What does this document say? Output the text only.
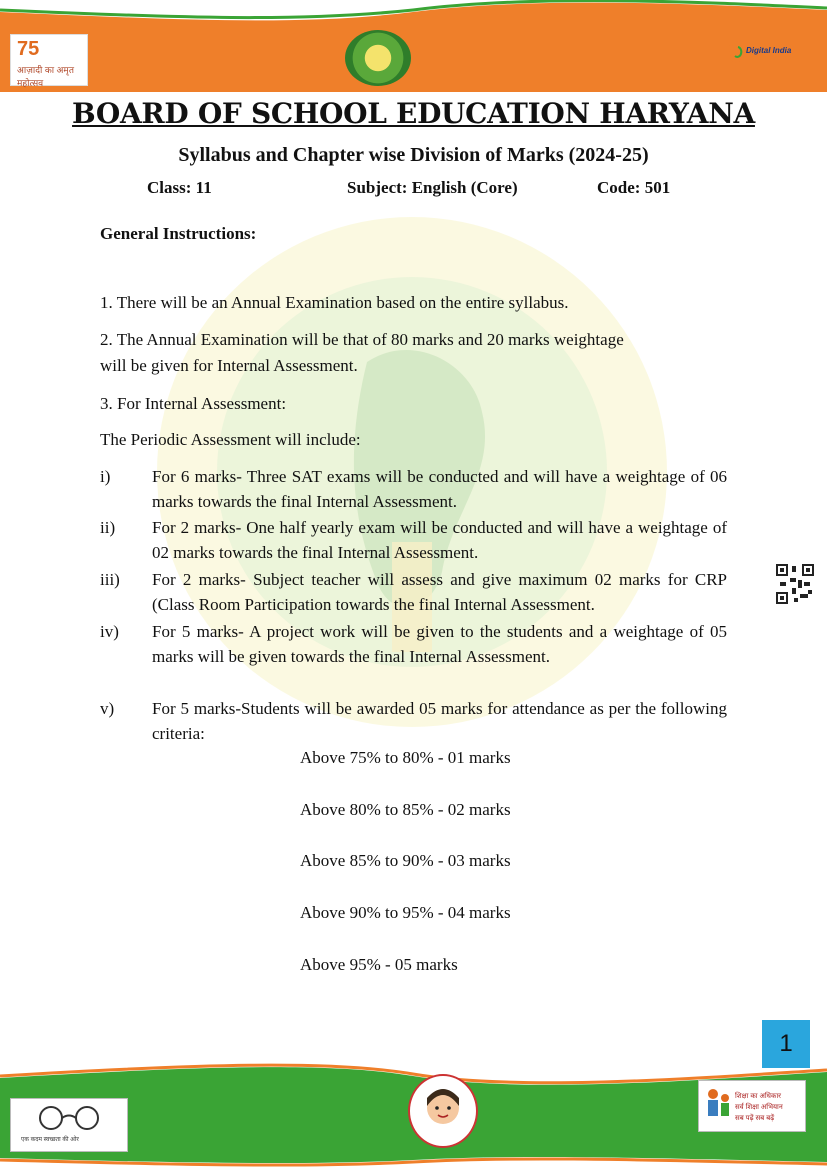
75
आज़ादी का अमृत महोत्सव
Digital India
BOARD OF SCHOOL EDUCATION HARYANA
Syllabus and Chapter wise Division of Marks (2024-25)
Class: 11	Subject: English (Core)	Code: 501
General Instructions:
1. There will be an Annual Examination based on the entire syllabus.
2. The Annual Examination will be that of 80 marks and 20 marks weightage
will be given for Internal Assessment.
3. For Internal Assessment:
The Periodic Assessment will include:
i) For 6 marks- Three SAT exams will be conducted and will have a weightage of 06 marks towards the final Internal Assessment.
ii) For 2 marks- One half yearly exam will be conducted and will have a weightage of 02 marks towards the final Internal Assessment.
iii) For 2 marks- Subject teacher will assess and give maximum 02 marks for CRP (Class Room Participation towards the final Internal Assessment.
iv) For 5 marks- A project work will be given to the students and a weightage of 05 marks will be given towards the final Internal Assessment.
v) For 5 marks-Students will be awarded 05 marks for attendance as per the following criteria:
Above 75% to 80% - 01 marks
Above 80% to 85% - 02 marks
Above 85% to 90% - 03 marks
Above 90% to 95% - 04 marks
Above 95% - 05 marks
1
एक कदम स्वच्छता की ओर
शिक्षा का अधिकार
सर्व शिक्षा अभियान
सब पढ़ें सब बढ़ें
